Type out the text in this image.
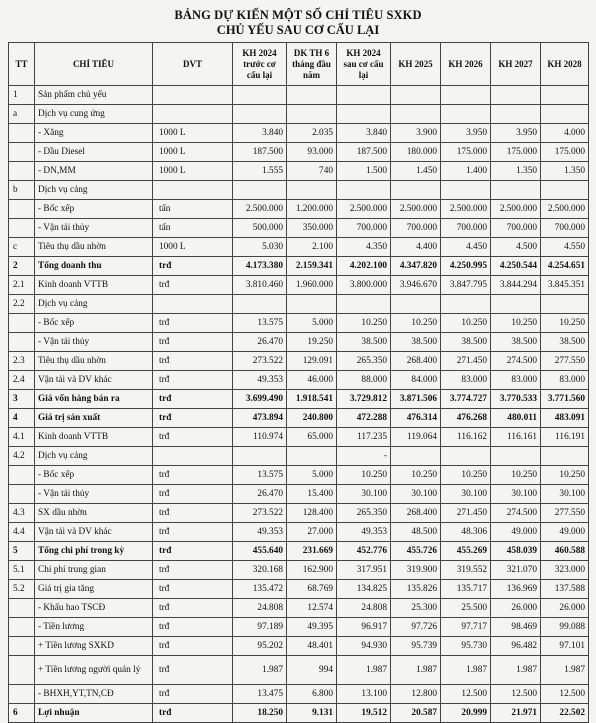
BẢNG DỰ KIẾN MỘT SỐ CHỈ TIÊU SXKD
CHỦ YẾU SAU CƠ CẤU LẠI
TT	CHỈ TIÊU	DVT	KH 2024 trước cơ cấu lại	DK TH 6 tháng đầu năm	KH 2024 sau cơ cấu lại	KH 2025	KH 2026	KH 2027	KH 2028
1	Sản phẩm chủ yếu								
a	Dịch vụ cung ứng								
	- Xăng	1000 L	3.840	2.035	3.840	3.900	3.950	3.950	4.000
	- Dầu Diesel	1000 L	187.500	93.000	187.500	180.000	175.000	175.000	175.000
	- DN,MM	1000 L	1.555	740	1.500	1.450	1.400	1.350	1.350
b	Dịch vụ cảng								
	- Bốc xếp	tấn	2.500.000	1.200.000	2.500.000	2.500.000	2.500.000	2.500.000	2.500.000
	- Vận tải thủy	tấn	500.000	350.000	700.000	700.000	700.000	700.000	700.000
c	Tiêu thụ dầu nhờn	1000 L	5.030	2.100	4.350	4.400	4.450	4.500	4.550
2	Tổng doanh thu	trđ	4.173.380	2.159.341	4.202.100	4.347.820	4.250.995	4.250.544	4.254.651
2.1	Kinh doanh VTTB	trđ	3.810.460	1.960.000	3.800.000	3.946.670	3.847.795	3.844.294	3.845.351
2.2	Dịch vụ cảng								
	- Bốc xếp	trđ	13.575	5.000	10.250	10.250	10.250	10.250	10.250
	- Vận tải thủy	trđ	26.470	19.250	38.500	38.500	38.500	38.500	38.500
2.3	Tiêu thụ dầu nhờn	trđ	273.522	129.091	265.350	268.400	271.450	274.500	277.550
2.4	Vận tải và DV khác	trđ	49.353	46.000	88.000	84.000	83.000	83.000	83.000
3	Giá vốn hàng bán ra	trđ	3.699.490	1.918.541	3.729.812	3.871.506	3.774.727	3.770.533	3.771.560
4	Giá trị sản xuất	trđ	473.894	240.800	472.288	476.314	476.268	480.011	483.091
4.1	Kinh doanh VTTB	trđ	110.974	65.000	117.235	119.064	116.162	116.161	116.191
4.2	Dịch vụ cảng				-				
	- Bốc xếp	trđ	13.575	5.000	10.250	10.250	10.250	10.250	10.250
	- Vận tải thủy	trđ	26.470	15.400	30.100	30.100	30.100	30.100	30.100
4.3	SX dầu nhờn	trđ	273.522	128.400	265.350	268.400	271.450	274.500	277.550
4.4	Vận tải và DV khác	trđ	49.353	27.000	49.353	48.500	48.306	49.000	49.000
5	Tổng chi phí trong kỳ	trđ	455.640	231.669	452.776	455.726	455.269	458.039	460.588
5.1	Chi phí trung gian	trđ	320.168	162.900	317.951	319.900	319.552	321.070	323.000
5.2	Giá trị gia tăng	trđ	135.472	68.769	134.825	135.826	135.717	136.969	137.588
	- Khấu hao TSCĐ	trđ	24.808	12.574	24.808	25.300	25.500	26.000	26.000
	- Tiền lương	trđ	97.189	49.395	96.917	97.726	97.717	98.469	99.088
	+ Tiền lương SXKD	trđ	95.202	48.401	94.930	95.739	95.730	96.482	97.101
	+ Tiền lương người quản lý	trđ	1.987	994	1.987	1.987	1.987	1.987	1.987
	- BHXH,YT,TN,CĐ	trđ	13.475	6.800	13.100	12.800	12.500	12.500	12.500
6	Lợi nhuận	trđ	18.250	9.131	19.512	20.587	20.999	21.971	22.502
